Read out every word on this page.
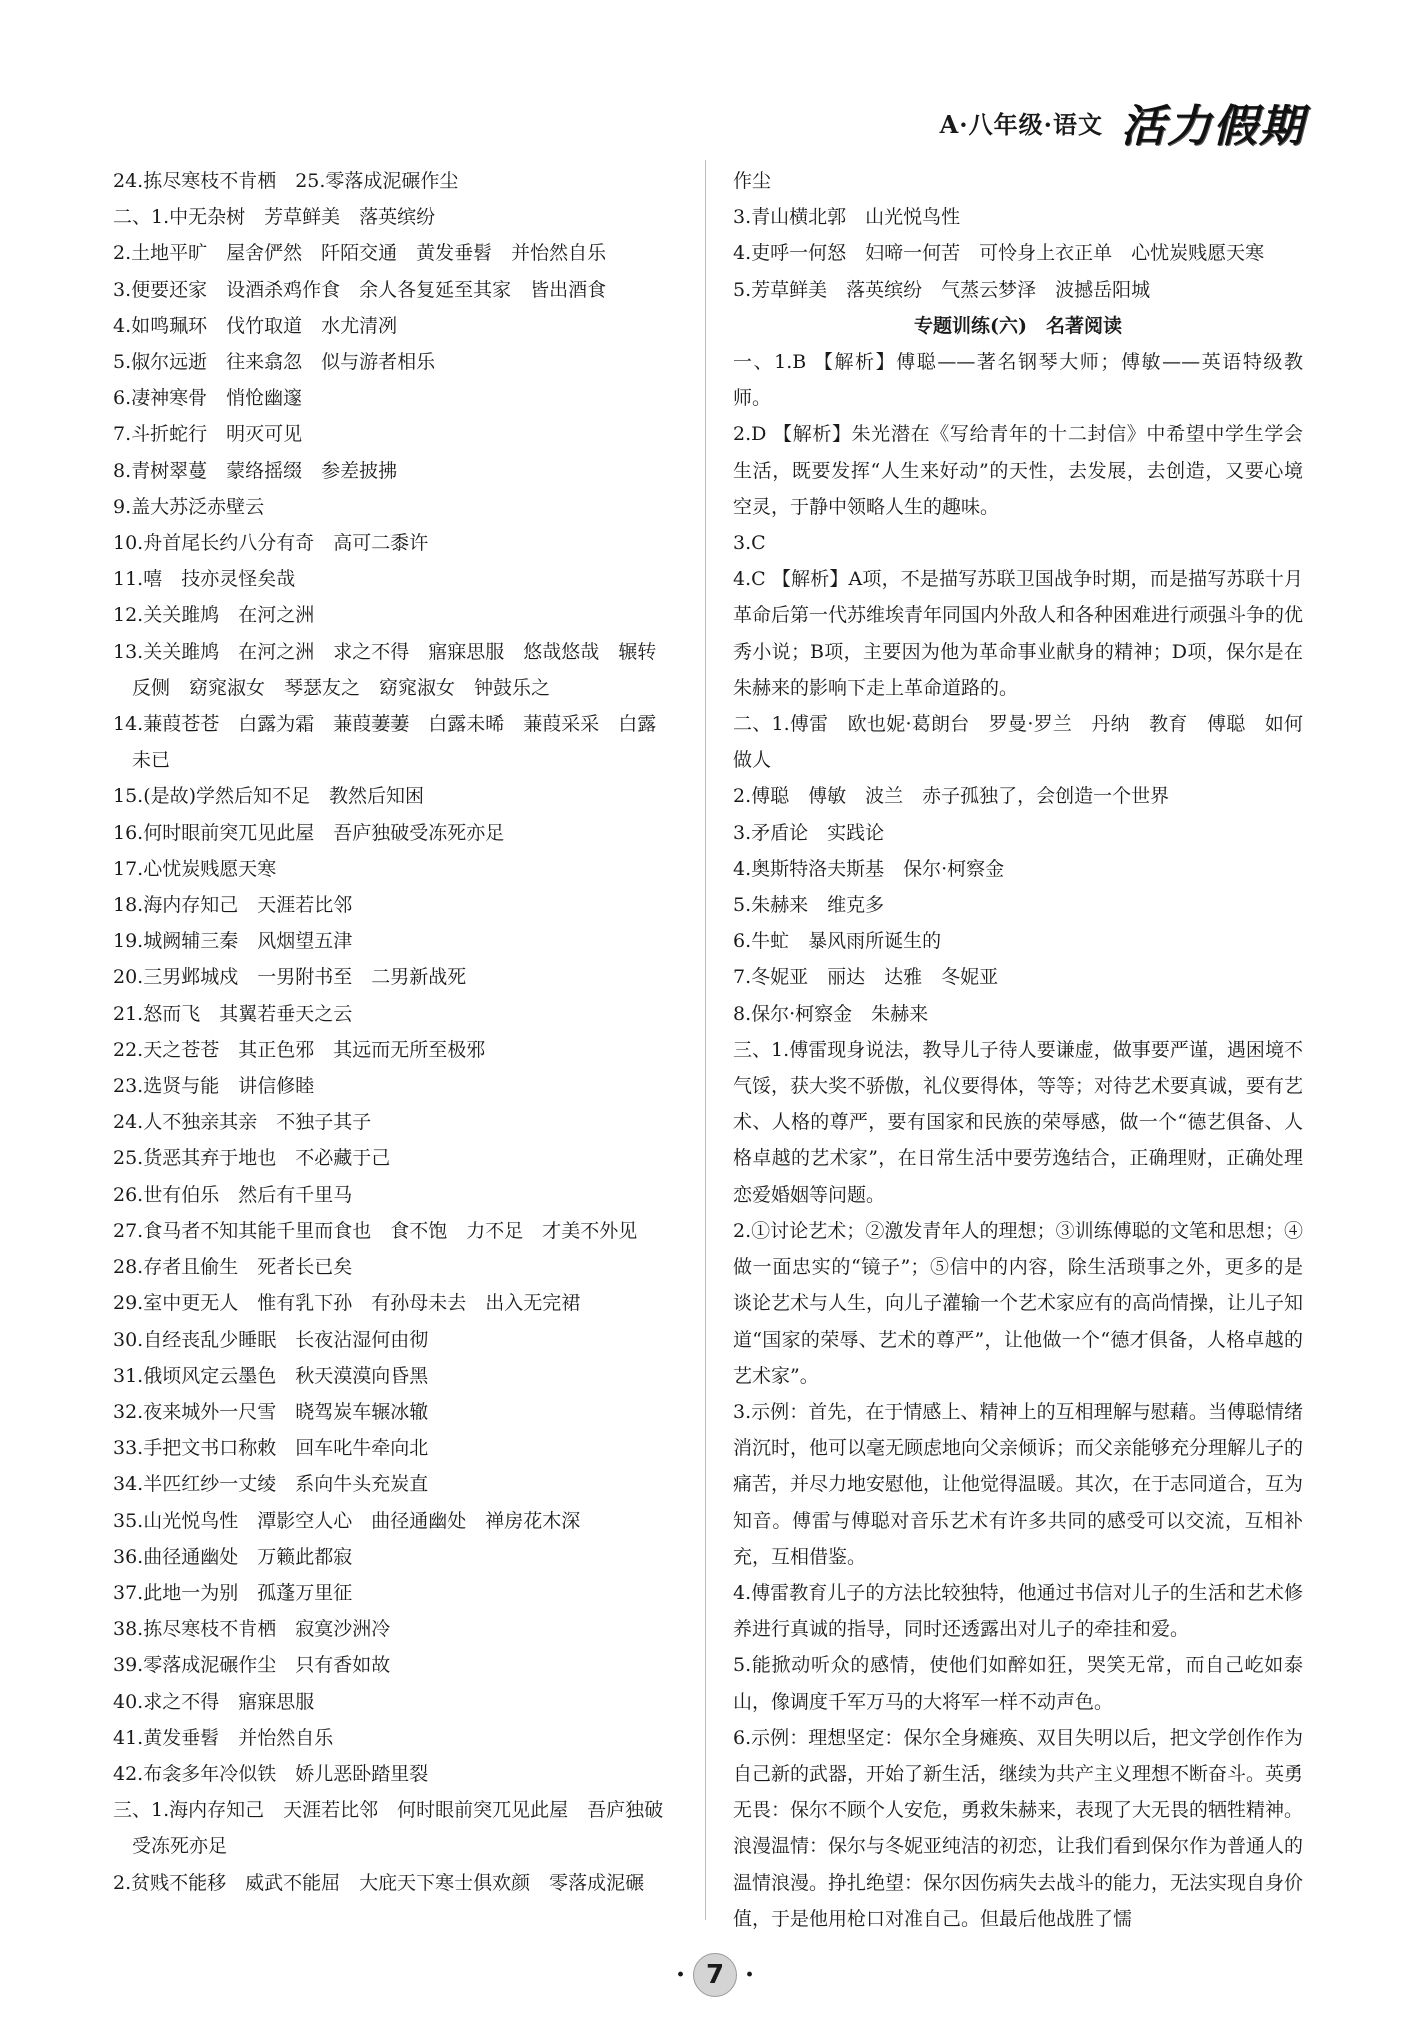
A·八年级·语文 活力假期
24.拣尽寒枝不肯栖　25.零落成泥碾作尘
二、1.中无杂树　芳草鲜美　落英缤纷
2.土地平旷　屋舍俨然　阡陌交通　黄发垂髫　并怡然自乐
3.便要还家　设酒杀鸡作食　余人各复延至其家　皆出酒食
4.如鸣珮环　伐竹取道　水尤清冽
5.俶尔远逝　往来翕忽　似与游者相乐
6.凄神寒骨　悄怆幽邃
7.斗折蛇行　明灭可见
8.青树翠蔓　蒙络摇缀　参差披拂
9.盖大苏泛赤壁云
10.舟首尾长约八分有奇　高可二黍许
11.嘻　技亦灵怪矣哉
12.关关雎鸠　在河之洲
13.关关雎鸠　在河之洲　求之不得　寤寐思服　悠哉悠哉　辗转
　反侧　窈窕淑女　琴瑟友之　窈窕淑女　钟鼓乐之
14.蒹葭苍苍　白露为霜　蒹葭萋萋　白露未晞　蒹葭采采　白露
　未已
15.(是故)学然后知不足　教然后知困
16.何时眼前突兀见此屋　吾庐独破受冻死亦足
17.心忧炭贱愿天寒
18.海内存知己　天涯若比邻
19.城阙辅三秦　风烟望五津
20.三男邺城戍　一男附书至　二男新战死
21.怒而飞　其翼若垂天之云
22.天之苍苍　其正色邪　其远而无所至极邪
23.选贤与能　讲信修睦
24.人不独亲其亲　不独子其子
25.货恶其弃于地也　不必藏于己
26.世有伯乐　然后有千里马
27.食马者不知其能千里而食也　食不饱　力不足　才美不外见
28.存者且偷生　死者长已矣
29.室中更无人　惟有乳下孙　有孙母未去　出入无完裙
30.自经丧乱少睡眠　长夜沾湿何由彻
31.俄顷风定云墨色　秋天漠漠向昏黑
32.夜来城外一尺雪　晓驾炭车辗冰辙
33.手把文书口称敕　回车叱牛牵向北
34.半匹红纱一丈绫　系向牛头充炭直
35.山光悦鸟性　潭影空人心　曲径通幽处　禅房花木深
36.曲径通幽处　万籁此都寂
37.此地一为别　孤蓬万里征
38.拣尽寒枝不肯栖　寂寞沙洲冷
39.零落成泥碾作尘　只有香如故
40.求之不得　寤寐思服
41.黄发垂髫　并怡然自乐
42.布衾多年冷似铁　娇儿恶卧踏里裂
三、1.海内存知己　天涯若比邻　何时眼前突兀见此屋　吾庐独破
　受冻死亦足
2.贫贱不能移　威武不能屈　大庇天下寒士俱欢颜　零落成泥碾
作尘
3.青山横北郭　山光悦鸟性
4.吏呼一何怒　妇啼一何苦　可怜身上衣正单　心忧炭贱愿天寒
5.芳草鲜美　落英缤纷　气蒸云梦泽　波撼岳阳城
专题训练(六)　名著阅读
一、1.B 【解析】傅聪——著名钢琴大师；傅敏——英语特级教师。
2.D 【解析】朱光潜在《写给青年的十二封信》中希望中学生学会生活，既要发挥“人生来好动”的天性，去发展，去创造，又要心境空灵，于静中领略人生的趣味。
3.C
4.C 【解析】A项，不是描写苏联卫国战争时期，而是描写苏联十月革命后第一代苏维埃青年同国内外敌人和各种困难进行顽强斗争的优秀小说；B项，主要因为他为革命事业献身的精神；D项，保尔是在朱赫来的影响下走上革命道路的。
二、1.傅雷　欧也妮·葛朗台　罗曼·罗兰　丹纳　教育　傅聪　如何做人
2.傅聪　傅敏　波兰　赤子孤独了，会创造一个世界
3.矛盾论　实践论
4.奥斯特洛夫斯基　保尔·柯察金
5.朱赫来　维克多
6.牛虻　暴风雨所诞生的
7.冬妮亚　丽达　达雅　冬妮亚
8.保尔·柯察金　朱赫来
三、1.傅雷现身说法，教导儿子待人要谦虚，做事要严谨，遇困境不气馁，获大奖不骄傲，礼仪要得体，等等；对待艺术要真诚，要有艺术、人格的尊严，要有国家和民族的荣辱感，做一个“德艺俱备、人格卓越的艺术家”，在日常生活中要劳逸结合，正确理财，正确处理恋爱婚姻等问题。
2.①讨论艺术；②激发青年人的理想；③训练傅聪的文笔和思想；④做一面忠实的“镜子”；⑤信中的内容，除生活琐事之外，更多的是谈论艺术与人生，向儿子灌输一个艺术家应有的高尚情操，让儿子知道“国家的荣辱、艺术的尊严”，让他做一个“德才俱备，人格卓越的艺术家”。
3.示例：首先，在于情感上、精神上的互相理解与慰藉。当傅聪情绪消沉时，他可以毫无顾虑地向父亲倾诉；而父亲能够充分理解儿子的痛苦，并尽力地安慰他，让他觉得温暖。其次，在于志同道合，互为知音。傅雷与傅聪对音乐艺术有许多共同的感受可以交流，互相补充，互相借鉴。
4.傅雷教育儿子的方法比较独特，他通过书信对儿子的生活和艺术修养进行真诚的指导，同时还透露出对儿子的牵挂和爱。
5.能掀动听众的感情，使他们如醉如狂，哭笑无常，而自己屹如泰山，像调度千军万马的大将军一样不动声色。
6.示例：理想坚定：保尔全身瘫痪、双目失明以后，把文学创作作为自己新的武器，开始了新生活，继续为共产主义理想不断奋斗。英勇无畏：保尔不顾个人安危，勇救朱赫来，表现了大无畏的牺牲精神。浪漫温情：保尔与冬妮亚纯洁的初恋，让我们看到保尔作为普通人的温情浪漫。挣扎绝望：保尔因伤病失去战斗的能力，无法实现自身价值，于是他用枪口对准自己。但最后他战胜了懦
· 7 ·
